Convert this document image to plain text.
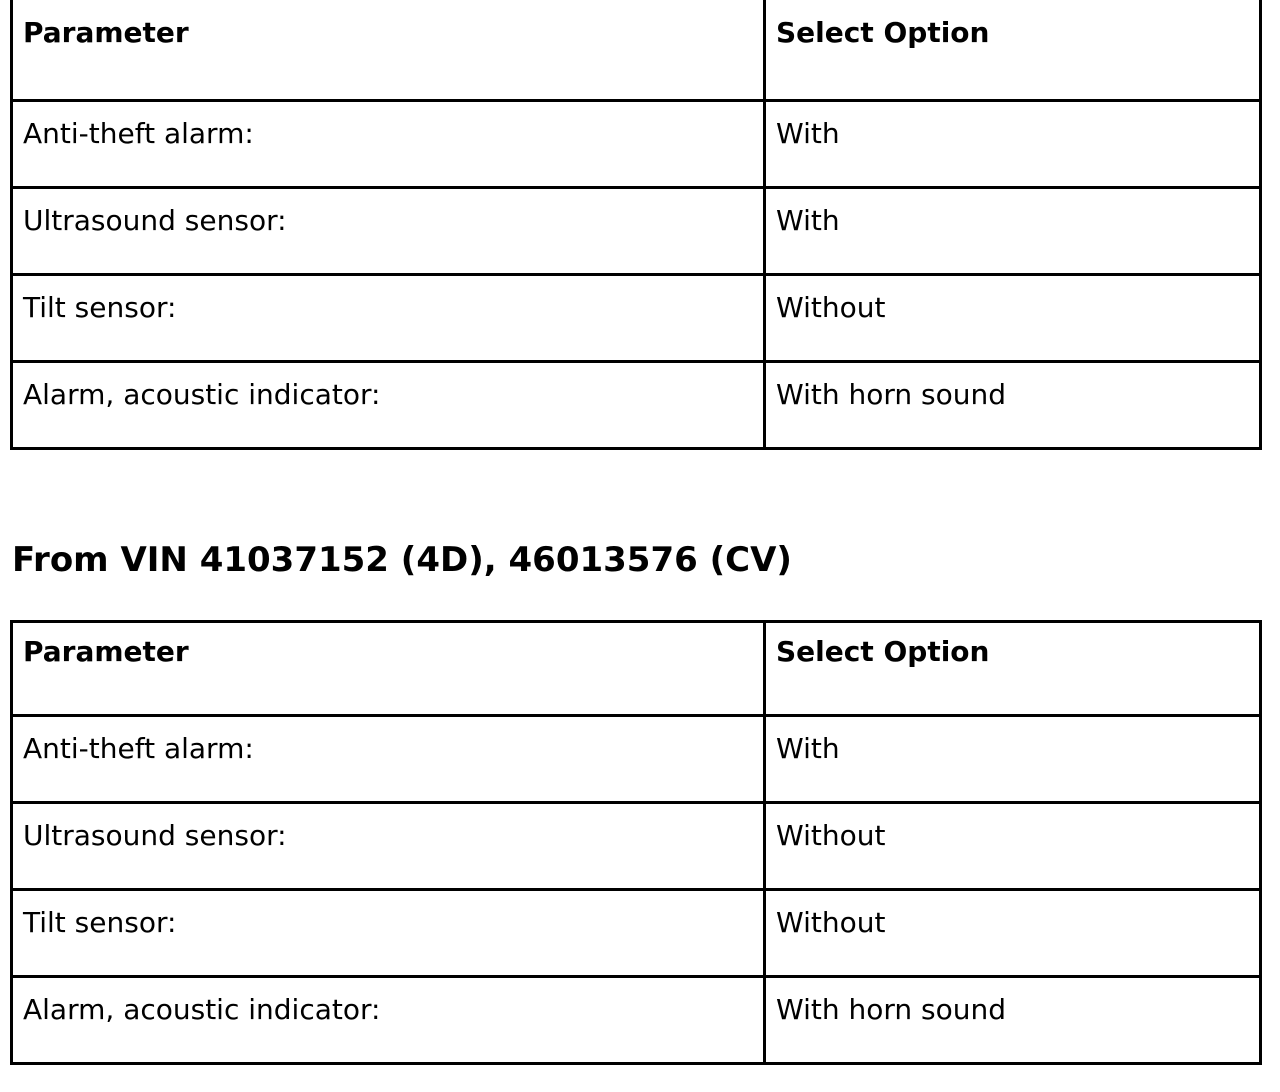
Parameter	Select Option

Anti-theft alarm:	With

Ultrasound sensor:	With

Tilt sensor:	Without

Alarm, acoustic indicator:	With horn sound
From VIN 41037152 (4D), 46013576 (CV)
Parameter	Select Option

Anti-theft alarm:	With

Ultrasound sensor:	Without

Tilt sensor:	Without

Alarm, acoustic indicator:	With horn sound
